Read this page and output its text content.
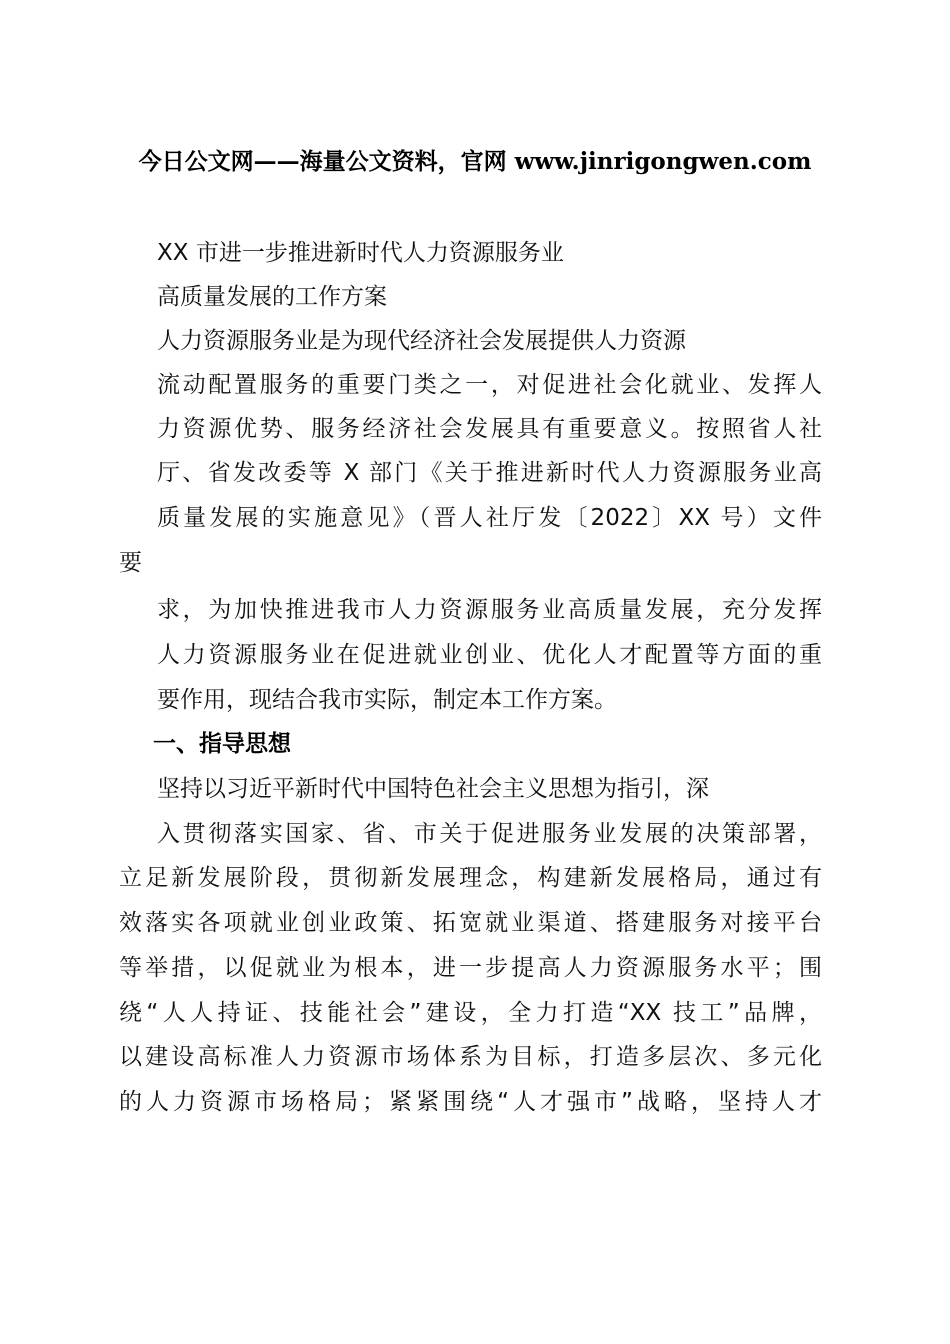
今日公文网——海量公文资料，官网 www.jinrigongwen.com
XX 市进一步推进新时代人力资源服务业
高质量发展的工作方案
人力资源服务业是为现代经济社会发展提供人力资源
流动配置服务的重要门类之一，对促进社会化就业、发挥人
力资源优势、服务经济社会发展具有重要意义。按照省人社
厅、省发改委等 X 部门《关于推进新时代人力资源服务业高
质量发展的实施意见》（晋人社厅发〔2022〕XX 号）文件
要
求，为加快推进我市人力资源服务业高质量发展，充分发挥
人力资源服务业在促进就业创业、优化人才配置等方面的重
要作用，现结合我市实际，制定本工作方案。
一、指导思想
坚持以习近平新时代中国特色社会主义思想为指引，深
入贯彻落实国家、省、市关于促进服务业发展的决策部署，
立足新发展阶段，贯彻新发展理念，构建新发展格局，通过有
效落实各项就业创业政策、拓宽就业渠道、搭建服务对接平台
等举措，以促就业为根本，进一步提高人力资源服务水平；围
绕“人人持证、技能社会”建设，全力打造“XX 技工”品牌，
以建设高标准人力资源市场体系为目标，打造多层次、多元化
的人力资源市场格局；紧紧围绕“人才强市”战略，坚持人才
